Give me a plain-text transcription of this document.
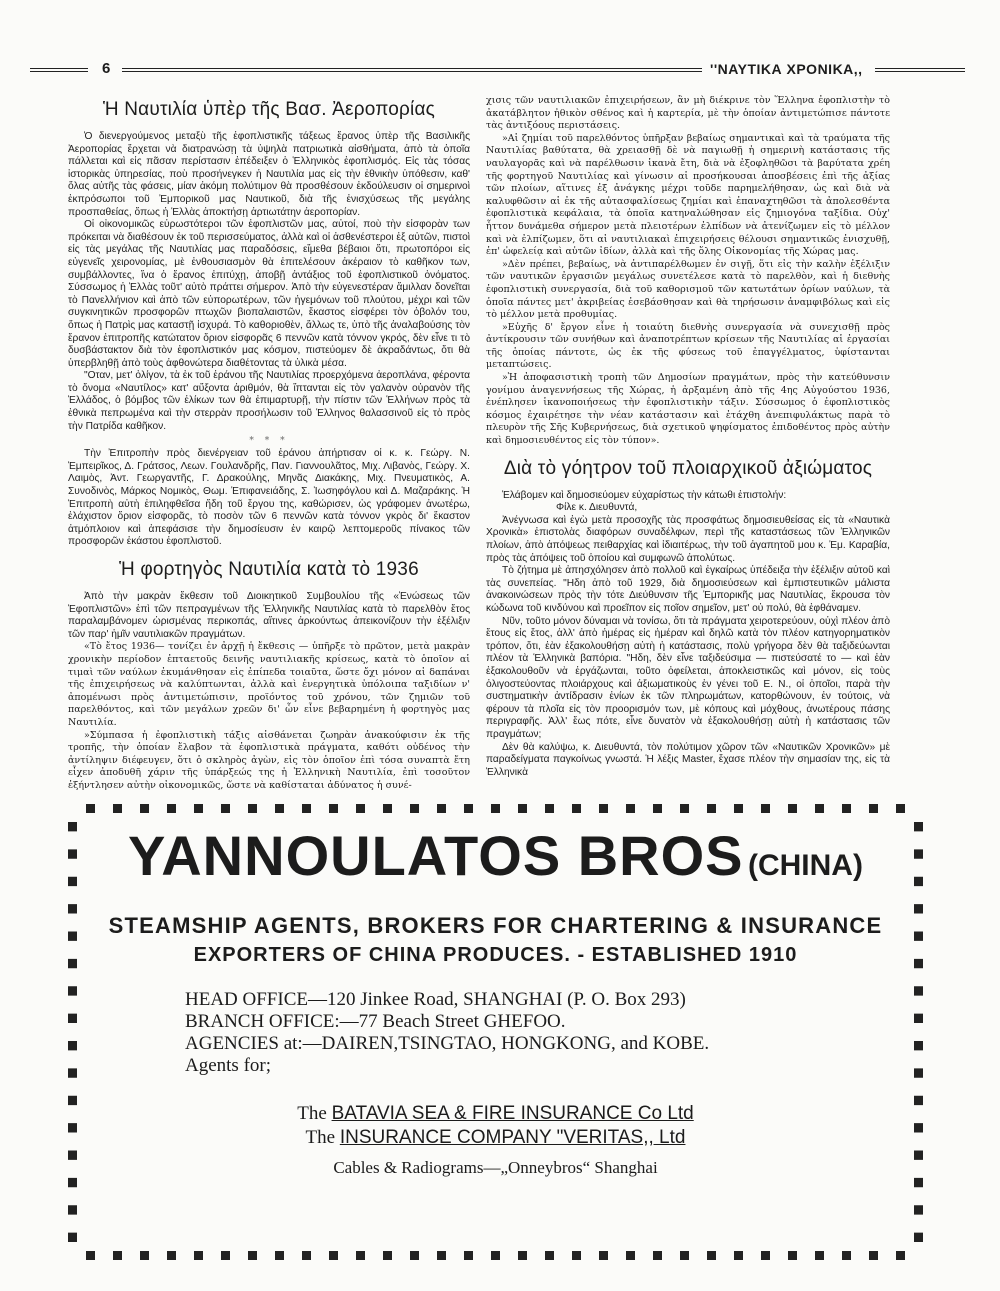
6	''ΝΑΥΤΙΚΑ ΧΡΟΝΙΚΑ,,
Ἡ Ναυτιλία ὑπὲρ τῆς Βασ. Ἀεροπορίας

Ὁ διενεργούμενος μεταξὺ τῆς ἐφοπλιστικῆς τάξεως ἔρανος ὑπὲρ τῆς Βασιλικῆς Ἀεροπορίας ἔρχεται νὰ διατρανώσῃ τὰ ὑψηλὰ πατριωτικὰ αἰσθήματα, ἀπὸ τὰ ὁποῖα πάλλεται καὶ εἰς πᾶσαν περίστασιν ἐπέδειξεν ὁ Ἑλληνικὸς ἐφοπλισμός. Εἰς τὰς τόσας ἱστορικὰς ὑπηρεσίας, ποὺ προσήνεγκεν ἡ Ναυτιλία μας εἰς τὴν ἐθνικὴν ὑπόθεσιν, καθ' ὅλας αὐτῆς τὰς φάσεις, μίαν ἀκόμη πολύτιμον θὰ προσθέσουν ἐκδούλευσιν οἱ σημερινοὶ ἐκπρόσωποι τοῦ Ἐμπορικοῦ μας Ναυτικοῦ, διὰ τῆς ἐνισχύσεως τῆς μεγάλης προσπαθείας, ὅπως ἡ Ἑλλὰς ἀποκτήσῃ ἀρτιωτάτην ἀεροπορίαν.

Οἱ οἰκονομικῶς εὐρωστότεροι τῶν ἐφοπλιστῶν μας, αὐτοί, ποὺ τὴν εἰσφορὰν των πρόκειται νὰ διαθέσουν ἐκ τοῦ περισσεύματος, ἀλλὰ καὶ οἱ ἀσθενέστεροι ἐξ αὐτῶν, πιστοὶ εἰς τὰς μεγάλας τῆς Ναυτιλίας μας παραδόσεις, εἴμεθα βέβαιοι ὅτι, πρωτοπόροι εἰς εὐγενεῖς χειρονομίας, μὲ ἐνθουσιασμὸν θὰ ἐπιτελέσουν ἀκέραιον τὸ καθῆκον των, συμβάλλοντες, ἵνα ὁ ἔρανος ἐπιτύχῃ, ἀποβῇ ἀντάξιος τοῦ ἐφοπλιστικοῦ ὀνόματος. Σύσσωμος ἡ Ἑλλὰς τοῦτ' αὐτὸ πράττει σήμερον. Ἀπὸ τὴν εὐγενεστέραν ἅμιλλαν δονεῖται τὸ Πανελλήνιον καὶ ἀπὸ τῶν εὐπορωτέρων, τῶν ἡγεμόνων τοῦ πλούτου, μέχρι καὶ τῶν συγκινητικῶν προσφορῶν πτωχῶν βιοπαλαιστῶν, ἕκαστος εἰσφέρει τὸν ὀβολόν του, ὅπως ἡ Πατρὶς μας καταστῇ ἰσχυρά. Τὸ καθοριοθὲν, ἄλλως τε, ὑπὸ τῆς ἀναλαβούσης τὸν ἔρανον ἐπιτροπῆς κατώτατον ὅριον εἰσφορᾶς 6 πεννῶν κατὰ τόννον γκρός, δὲν εἶνε τι τὸ δυσβάστακτον διὰ τὸν ἐφοπλιστικόν μας κόσμον, πιστεύομεν δὲ ἀκραδάντως, ὅτι θὰ ὑπερβληθῇ ἀπὸ τοὺς ἀφθονώτερα διαθέτοντας τὰ ὑλικὰ μέσα.

"Οταν, μετ' ὀλίγον, τὰ ἐκ τοῦ ἐράνου τῆς Ναυτιλίας προερχόμενα ἀεροπλάνα, φέροντα τὸ ὄνομα «Ναυτίλος» κατ' αὔξοντα ἀριθμόν, θὰ ἵπτανται εἰς τὸν γαλανὸν οὐρανὸν τῆς Ἑλλάδος, ὁ βόμβος τῶν ἑλίκων των θὰ ἐπιμαρτυρῇ, τὴν πίστιν τῶν Ἑλλήνων πρὸς τὰ ἐθνικὰ πεπρωμένα καὶ τὴν στερρὰν προσήλωσιν τοῦ Ἑλληνος θαλασσινοῦ εἰς τὸ πρὸς τὴν Πατρίδα καθῆκον.

* * *

Τὴν Ἐπιτροπὴν πρὸς διενέργειαν τοῦ ἐράνου ἀπήρτισαν οἱ κ. κ. Γεώργ. Ν. Ἐμπειρῖκος, Δ. Γράτσος, Λεων. Γουλανδρῆς, Παν. Γιαννουλᾶτος, Μιχ. Λιβανὸς, Γεώργ. Χ. Λαιμὸς, Ἀντ. Γεωργαντῆς, Γ. Δρακούλης, Μηνᾶς Διακάκης, Μιχ. Πνευματικὸς, Α. Συνοδινὸς, Μάρκος Νομικὸς, Θωμ. Ἐπιφανειάδης, Σ. Ἰωσηφόγλου καὶ Δ. Μαζαράκης. Ἡ Ἐπιτροπὴ αὐτὴ ἐπιληφθεῖσα ἤδη τοῦ ἔργου της, καθώρισεν, ὡς γράφομεν ἀνωτέρω, ἐλάχιστον ὅριον εἰσφορᾶς, τὸ ποσὸν τῶν 6 πεννῶν κατὰ τόννον γκρὸς δι' ἕκαστον ἀτμόπλοιον καὶ ἀπεφάσισε τὴν δημοσίευσιν ἐν καιρῷ λεπτομεροῦς πίνακος τῶν προσφορῶν ἑκάστου ἐφοπλιστοῦ.

Ἡ φορτηγὸς Ναυτιλία κατὰ τὸ 1936

Ἀπὸ τὴν μακρὰν ἔκθεσιν τοῦ Διοικητικοῦ Συμβουλίου τῆς «Ἑνώσεως τῶν Ἐφοπλιστῶν» ἐπὶ τῶν πεπραγμένων τῆς Ἑλληνικῆς Ναυτιλίας κατὰ τὸ παρελθὸν ἔτος παραλαμβάνομεν ὡρισμένας περικοπάς, αἵτινες ἀρκούντως ἀπεικονίζουν τὴν ἐξέλιξιν τῶν παρ' ἡμῖν ναυτιλιακῶν πραγμάτων.

«Τὸ ἔτος 1936— τονίζει ἐν ἀρχῇ ἡ ἔκθεσις — ὑπῆρξε τὸ πρῶτον, μετὰ μακρὰν χρονικὴν περίοδον ἐπταετοῦς δεινῆς ναυτιλιακῆς κρίσεως, κατὰ τὸ ὁποῖον αἱ τιμαὶ τῶν ναύλων ἐκυμάνθησαν εἰς ἐπίπεδα τοιαῦτα, ὥστε ὄχι μόνον αἱ δαπάναι τῆς ἐπιχειρήσεως νὰ καλύπτωνται, ἀλλὰ καὶ ἐνεργητικὰ ὑπόλοιπα ταξιδίων ν' ἀπομένωσι πρὸς ἀντιμετώπισιν, προϊόντος τοῦ χρόνου, τῶν ζημιῶν τοῦ παρελθόντος, καὶ τῶν μεγάλων χρεῶν δι' ὧν εἶνε βεβαρημένη ἡ φορτηγὸς μας Ναυτιλία.

»Σύμπασα ἡ ἐφοπλιστικὴ τάξις αἰσθάνεται ζωηρὰν ἀνακούφισιν ἐκ τῆς τροπῆς, τὴν ὁποίαν ἔλαβον τὰ ἐφοπλιστικὰ πράγματα, καθότι οὐδένος τὴν ἀντίληψιν διέφευγεν, ὅτι ὁ σκληρὸς ἀγὼν, εἰς τὸν ὁποῖον ἐπὶ τόσα συναπτὰ ἔτη εἶχεν ἀποδυθῆ χάριν τῆς ὑπάρξεώς της ἡ Ἑλληνικὴ Ναυτιλία, ἐπὶ τοσοῦτον ἐξήντλησεν αὐτὴν οἰκονομικῶς, ὥστε νὰ καθίσταται ἀδύνατος ἡ συνέ-

χισις τῶν ναυτιλιακῶν ἐπιχειρήσεων, ἂν μὴ διέκρινε τὸν Ἕλληνα ἐφοπλιστὴν τὸ ἀκατάβλητον ἠθικὸν σθένος καὶ ἡ καρτερία, μὲ τὴν ὁποίαν ἀντιμετώπισε πάντοτε τὰς ἀντιξόους περιστάσεις.

»Αἱ ζημίαι τοῦ παρελθόντος ὑπῆρξαν βεβαίως σημαντικαὶ καὶ τὰ τραύματα τῆς Ναυτιλίας βαθύτατα, θὰ χρειασθῇ δὲ νὰ παγιωθῇ ἡ σημερινὴ κατάστασις τῆς ναυλαγορᾶς καὶ νὰ παρέλθωσιν ἱκανὰ ἔτη, διὰ νὰ ἐξοφληθῶσι τὰ βαρύτατα χρέη τῆς φορτηγοῦ Ναυτιλίας καὶ γίνωσιν αἱ προσήκουσαι ἀποσβέσεις ἐπὶ τῆς ἀξίας τῶν πλοίων, αἵτινες ἐξ ἀνάγκης μέχρι τοῦδε παρημελήθησαν, ὡς καὶ διὰ νὰ καλυφθῶσιν αἱ ἐκ τῆς αὐτασφαλίσεως ζημίαι καὶ ἐπαναχτηθῶσι τὰ ἀπολεσθέντα ἐφοπλιστικὰ κεφάλαια, τὰ ὁποῖα κατηναλώθησαν εἰς ζημιογόνα ταξίδια. Οὐχ' ἧττον δυνάμεθα σήμερον μετὰ πλειοτέρων ἐλπίδων νὰ ἀτενίζωμεν εἰς τὸ μέλλον καὶ νὰ ἐλπίζωμεν, ὅτι αἱ ναυτιλιακαὶ ἐπιχειρήσεις θέλουσι σημαντικῶς ἐνισχυθῇ, ἐπ' ὠφελείᾳ καὶ αὐτῶν ἰδίων, ἀλλὰ καὶ τῆς ὅλης Οἰκονομίας τῆς Χώρας μας.

»Δὲν πρέπει, βεβαίως, νὰ ἀντιπαρέλθωμεν ἐν σιγῇ, ὅτι εἰς τὴν καλὴν ἐξέλιξιν τῶν ναυτικῶν ἐργασιῶν μεγάλως συνετέλεσε κατὰ τὸ παρελθὸν, καὶ ἡ διεθνὴς ἐφοπλιστικὴ συνεργασία, διὰ τοῦ καθορισμοῦ τῶν κατωτάτων ὁρίων ναύλων, τὰ ὁποῖα πάντες μετ' ἀκριβείας ἐσεβάσθησαν καὶ θὰ τηρήσωσιν ἀναμφιβόλως καὶ εἰς τὸ μέλλον μετὰ προθυμίας.

»Εὐχῆς δ' ἔργον εἶνε ἡ τοιαύτη διεθνὴς συνεργασία νὰ συνεχισθῇ πρὸς ἀντίκρουσιν τῶν συνήθων καὶ ἀναποτρέπτων κρίσεων τῆς Ναυτιλίας αἱ ἐργασίαι τῆς ὁποίας πάντοτε, ὡς ἐκ τῆς φύσεως τοῦ ἐπαγγέλματος, ὑφίστανται μεταπτώσεις.

»Ἡ ἀποφασιστικὴ τροπὴ τῶν Δημοσίων πραγμάτων, πρὸς τὴν κατεύθυνσιν γονίμου ἀναγεννήσεως τῆς Χώρας, ἡ ἀρξαμένη ἀπὸ τῆς 4ης Αὐγούστου 1936, ἐνέπλησεν ἱκανοποιήσεως τὴν ἐφοπλιστικὴν τάξιν. Σύσσωμος ὁ ἐφοπλιστικὸς κόσμος ἐχαιρέτησε τὴν νέαν κατάστασιν καὶ ἐτάχθη ἀνεπιφυλάκτως παρὰ τὸ πλευρὸν τῆς Σῆς Κυβερνήσεως, διὰ σχετικοῦ ψηφίσματος ἐπιδοθέντος πρὸς αὐτὴν καὶ δημοσιευθέντος εἰς τὸν τύπον».

Διὰ τὸ γόητρον τοῦ πλοιαρχικοῦ ἀξιώματος

Ἐλάβομεν καὶ δημοσιεύομεν εὐχαρίστως τὴν κάτωθι ἐπιστολήν:

Φίλε κ. Διευθυντά,

Ἀνέγνωσα καὶ ἐγὼ μετὰ προσοχῆς τὰς προσφάτως δημοσιευθείσας εἰς τὰ «Ναυτικὰ Χρονικὰ» ἐπιστολὰς διαφόρων συναδέλφων, περὶ τῆς καταστάσεως τῶν Ἑλληνικῶν πλοίων, ἀπὸ ἀπόψεως πειθαρχίας καὶ ἰδιαιτέρως, τὴν τοῦ ἀγαπητοῦ μου κ. Ἐμ. Καραβία, πρὸς τὰς ἀπόψεις τοῦ ὁποίου καὶ συμφωνῶ ἀπολύτως.

Τὸ ζήτημα μὲ ἀπησχόλησεν ἀπὸ πολλοῦ καὶ ἐγκαίρως ὑπέδειξα τὴν ἐξέλιξιν αὐτοῦ καὶ τὰς συνεπείας. "Ηδη ἀπὸ τοῦ 1929, διὰ δημοσιεύσεων καὶ ἐμπιστευτικῶν μάλιστα ἀνακοινώσεων πρὸς τὴν τότε Διεύθυνσιν τῆς Ἐμπορικῆς μας Ναυτιλίας, ἔκρουσα τὸν κώδωνα τοῦ κινδύνου καὶ προεῖπον εἰς ποῖον σημεῖον, μετ' οὐ πολύ, θὰ ἐφθάναμεν.

Νῦν, τοῦτο μόνον δύναμαι νὰ τονίσω, ὅτι τὰ πράγματα χειροτερεύουν, οὐχὶ πλέον ἀπὸ ἔτους εἰς ἔτος, ἀλλ' ἀπὸ ἡμέρας εἰς ἡμέραν καὶ δηλῶ κατὰ τὸν πλέον κατηγορηματικὸν τρόπον, ὅτι, ἐὰν ἐξακολουθήσῃ αὐτὴ ἡ κατάστασις, πολὺ γρήγορα δὲν θὰ ταξιδεύωνται πλέον τὰ Ἑλληνικὰ βαπόρια. "Ηδη, δὲν εἶνε ταξιδεύσιμα — πιστεύσατέ το — καὶ ἐὰν ἐξακολουθοῦν νὰ ἐργάζωνται, τοῦτο ὀφείλεται, ἀποκλειστικῶς καὶ μόνον, εἰς τοὺς ὀλιγοστεύοντας πλοιάρχους καὶ ἀξιωματικοὺς ἐν γένει τοῦ Ε. Ν., οἱ ὁποῖοι, παρὰ τὴν συστηματικὴν ἀντίδρασιν ἐνίων ἐκ τῶν πληρωμάτων, κατορθώνουν, ἐν τούτοις, νὰ φέρουν τὰ πλοῖα εἰς τὸν προορισμόν των, μὲ κόπους καὶ μόχθους, ἀνωτέρους πάσης περιγραφῆς. Ἀλλ' ἕως πότε, εἶνε δυνατὸν νὰ ἐξακολουθήσῃ αὐτὴ ἡ κατάστασις τῶν πραγμάτων;

Δὲν θὰ καλύψω, κ. Διευθυντά, τὸν πολύτιμον χῶρον τῶν «Ναυτικῶν Χρονικῶν» μὲ παραδείγματα παγκοίνως γνωστά. Ἡ λέξις Master, ἔχασε πλέον τὴν σημασίαν της, εἰς τὰ Ἑλληνικὰ

YANNOULATOS BROS (CHINA)
STEAMSHIP AGENTS, BROKERS FOR CHARTERING & INSURANCE
EXPORTERS OF CHINA PRODUCES. - ESTABLISHED 1910
HEAD OFFICE—120 Jinkee Road, SHANGHAI (P. O. Box 293)
BRANCH OFFICE:—77 Beach Street GHEFOO.
AGENCIES at:—DAIREN,TSINGTAO, HONGKONG, and KOBE.
Agents for;
The BATAVIA SEA & FIRE INSURANCE Co Ltd
The INSURANCE COMPANY "VERITAS,, Ltd
Cables & Radiograms—„Onneybros“ Shanghai
